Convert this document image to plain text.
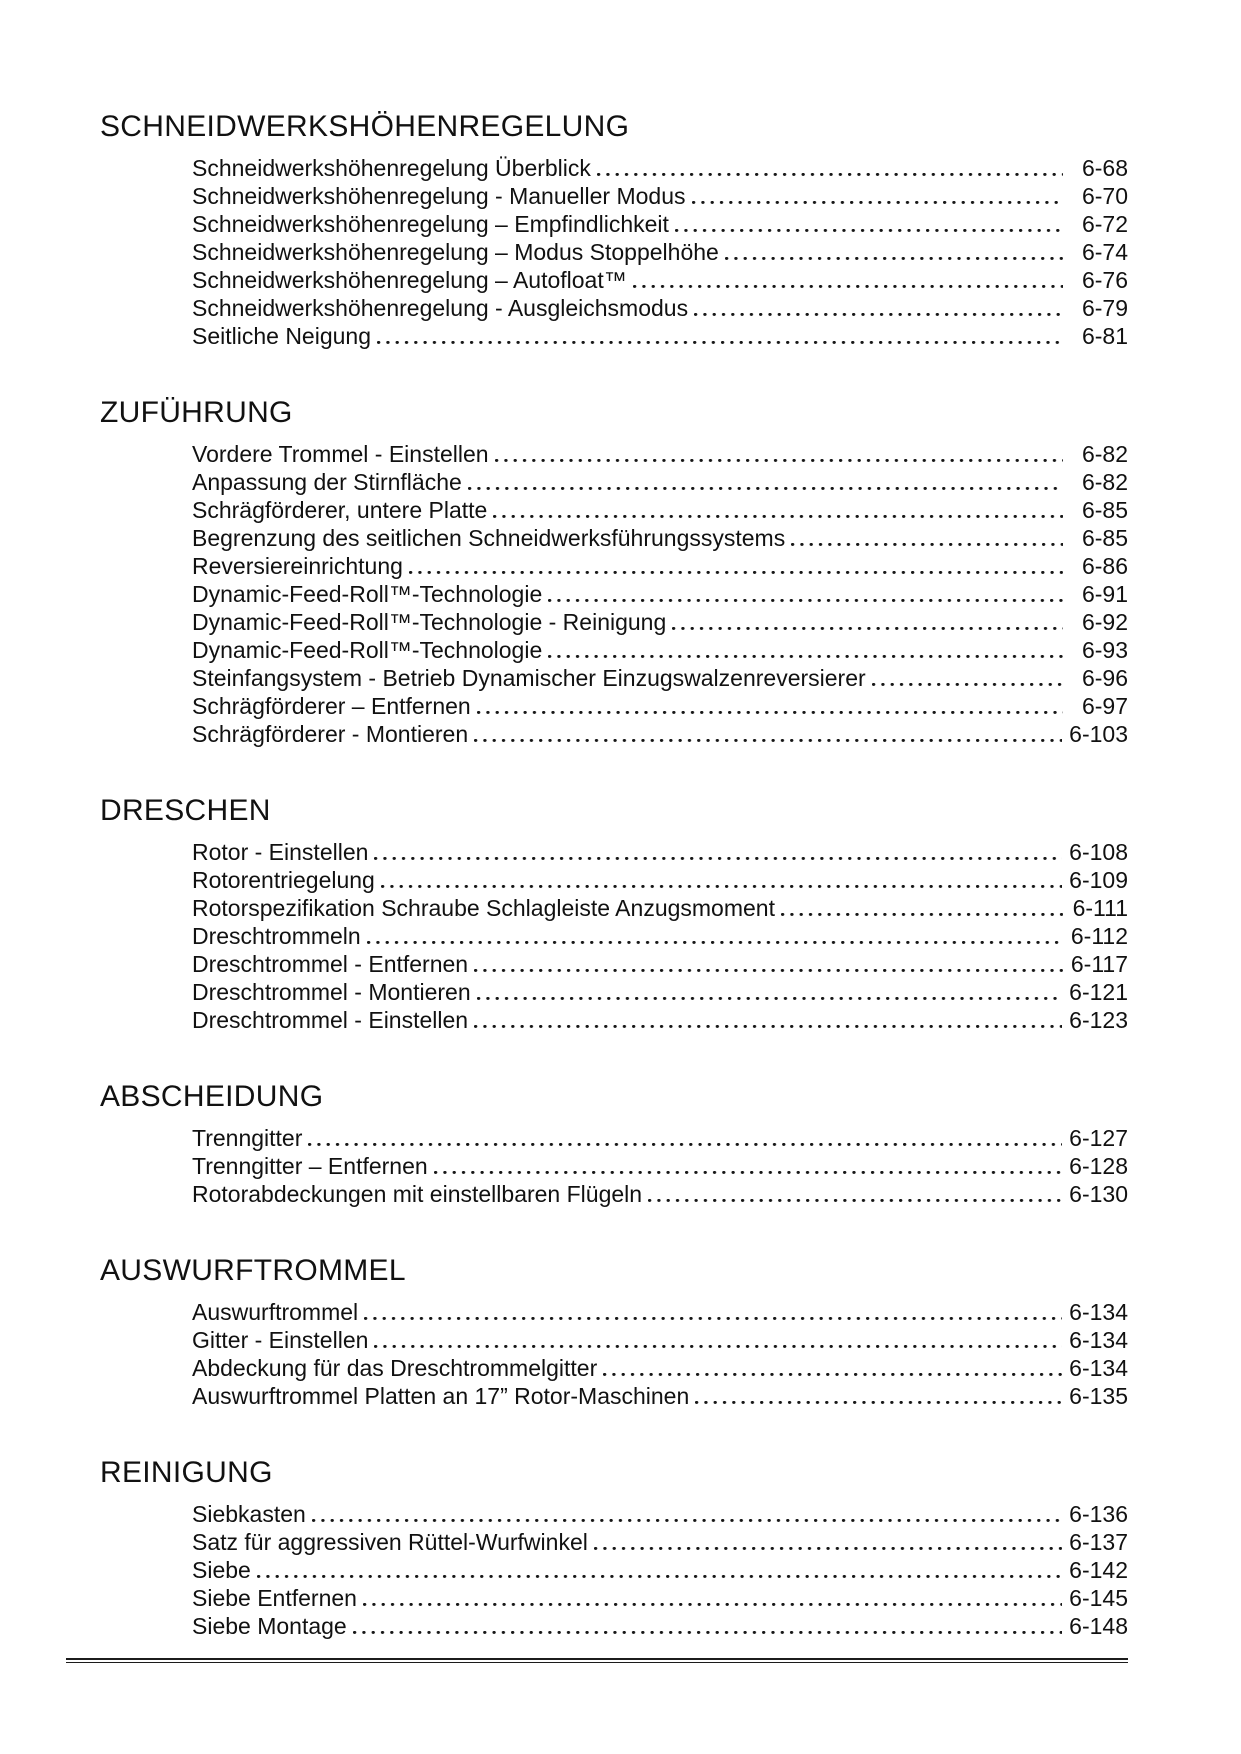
SCHNEIDWERKSHÖHENREGELUNG
Schneidwerkshöhenregelung Überblick	6-68
Schneidwerkshöhenregelung - Manueller Modus	6-70
Schneidwerkshöhenregelung – Empfindlichkeit	6-72
Schneidwerkshöhenregelung – Modus Stoppelhöhe	6-74
Schneidwerkshöhenregelung – Autofloat™	6-76
Schneidwerkshöhenregelung - Ausgleichsmodus	6-79
Seitliche Neigung	6-81
ZUFÜHRUNG
Vordere Trommel - Einstellen	6-82
Anpassung der Stirnfläche	6-82
Schrägförderer, untere Platte	6-85
Begrenzung des seitlichen Schneidwerksführungssystems	6-85
Reversiereinrichtung	6-86
Dynamic-Feed-Roll™-Technologie	6-91
Dynamic-Feed-Roll™-Technologie - Reinigung	6-92
Dynamic-Feed-Roll™-Technologie	6-93
Steinfangsystem - Betrieb Dynamischer Einzugswalzenreversierer	6-96
Schrägförderer – Entfernen	6-97
Schrägförderer - Montieren	6-103
DRESCHEN
Rotor - Einstellen	6-108
Rotorentriegelung	6-109
Rotorspezifikation Schraube Schlagleiste Anzugsmoment	6-111
Dreschtrommeln	6-112
Dreschtrommel - Entfernen	6-117
Dreschtrommel - Montieren	6-121
Dreschtrommel - Einstellen	6-123
ABSCHEIDUNG
Trenngitter	6-127
Trenngitter – Entfernen	6-128
Rotorabdeckungen mit einstellbaren Flügeln	6-130
AUSWURFTROMMEL
Auswurftrommel	6-134
Gitter - Einstellen	6-134
Abdeckung für das Dreschtrommelgitter	6-134
Auswurftrommel Platten an 17” Rotor-Maschinen	6-135
REINIGUNG
Siebkasten	6-136
Satz für aggressiven Rüttel-Wurfwinkel	6-137
Siebe	6-142
Siebe Entfernen	6-145
Siebe Montage	6-148
